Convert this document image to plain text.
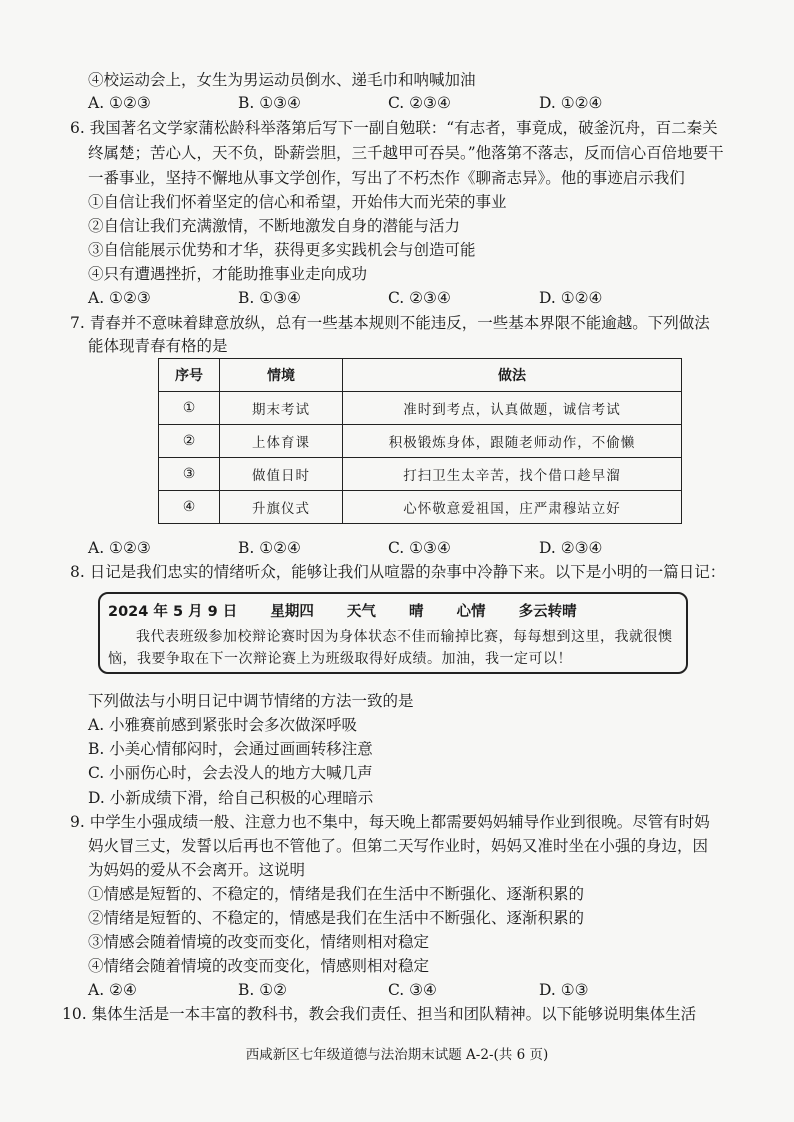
④校运动会上，女生为男运动员倒水、递毛巾和呐喊加油
A. ①②③	B. ①③④	C. ②③④	D. ①②④
6. 我国著名文学家蒲松龄科举落第后写下一副自勉联：“有志者，事竟成，破釜沉舟，百二秦关
终属楚；苦心人，天不负，卧薪尝胆，三千越甲可吞吴。”他落第不落志，反而信心百倍地要干
一番事业，坚持不懈地从事文学创作，写出了不朽杰作《聊斋志异》。他的事迹启示我们
①自信让我们怀着坚定的信心和希望，开始伟大而光荣的事业
②自信让我们充满激情，不断地激发自身的潜能与活力
③自信能展示优势和才华，获得更多实践机会与创造可能
④只有遭遇挫折，才能助推事业走向成功
A. ①②③	B. ①③④	C. ②③④	D. ①②④
7. 青春并不意味着肆意放纵，总有一些基本规则不能违反，一些基本界限不能逾越。下列做法
能体现青春有格的是
序号	情境	做法
①	期末考试	准时到考点，认真做题，诚信考试
②	上体育课	积极锻炼身体，跟随老师动作，不偷懒
③	做值日时	打扫卫生太辛苦，找个借口趁早溜
④	升旗仪式	心怀敬意爱祖国，庄严肃穆站立好
A. ①②③	B. ①②④	C. ①③④	D. ②③④
8. 日记是我们忠实的情绪听众，能够让我们从喧嚣的杂事中冷静下来。以下是小明的一篇日记：
2024 年 5 月 9 日 星期四 天气 晴 心情 多云转晴
我代表班级参加校辩论赛时因为身体状态不佳而输掉比赛，每每想到这里，我就很懊恼，我要争取在下一次辩论赛上为班级取得好成绩。加油，我一定可以！
下列做法与小明日记中调节情绪的方法一致的是
A. 小雅赛前感到紧张时会多次做深呼吸
B. 小美心情郁闷时，会通过画画转移注意
C. 小丽伤心时，会去没人的地方大喊几声
D. 小新成绩下滑，给自己积极的心理暗示
9. 中学生小强成绩一般、注意力也不集中，每天晚上都需要妈妈辅导作业到很晚。尽管有时妈
妈火冒三丈，发誓以后再也不管他了。但第二天写作业时，妈妈又准时坐在小强的身边，因
为妈妈的爱从不会离开。这说明
①情感是短暂的、不稳定的，情绪是我们在生活中不断强化、逐渐积累的
②情绪是短暂的、不稳定的，情感是我们在生活中不断强化、逐渐积累的
③情感会随着情境的改变而变化，情绪则相对稳定
④情绪会随着情境的改变而变化，情感则相对稳定
A. ②④	B. ①②	C. ③④	D. ①③
10. 集体生活是一本丰富的教科书，教会我们责任、担当和团队精神。以下能够说明集体生活
西咸新区七年级道德与法治期末试题 A-2-(共 6 页)
